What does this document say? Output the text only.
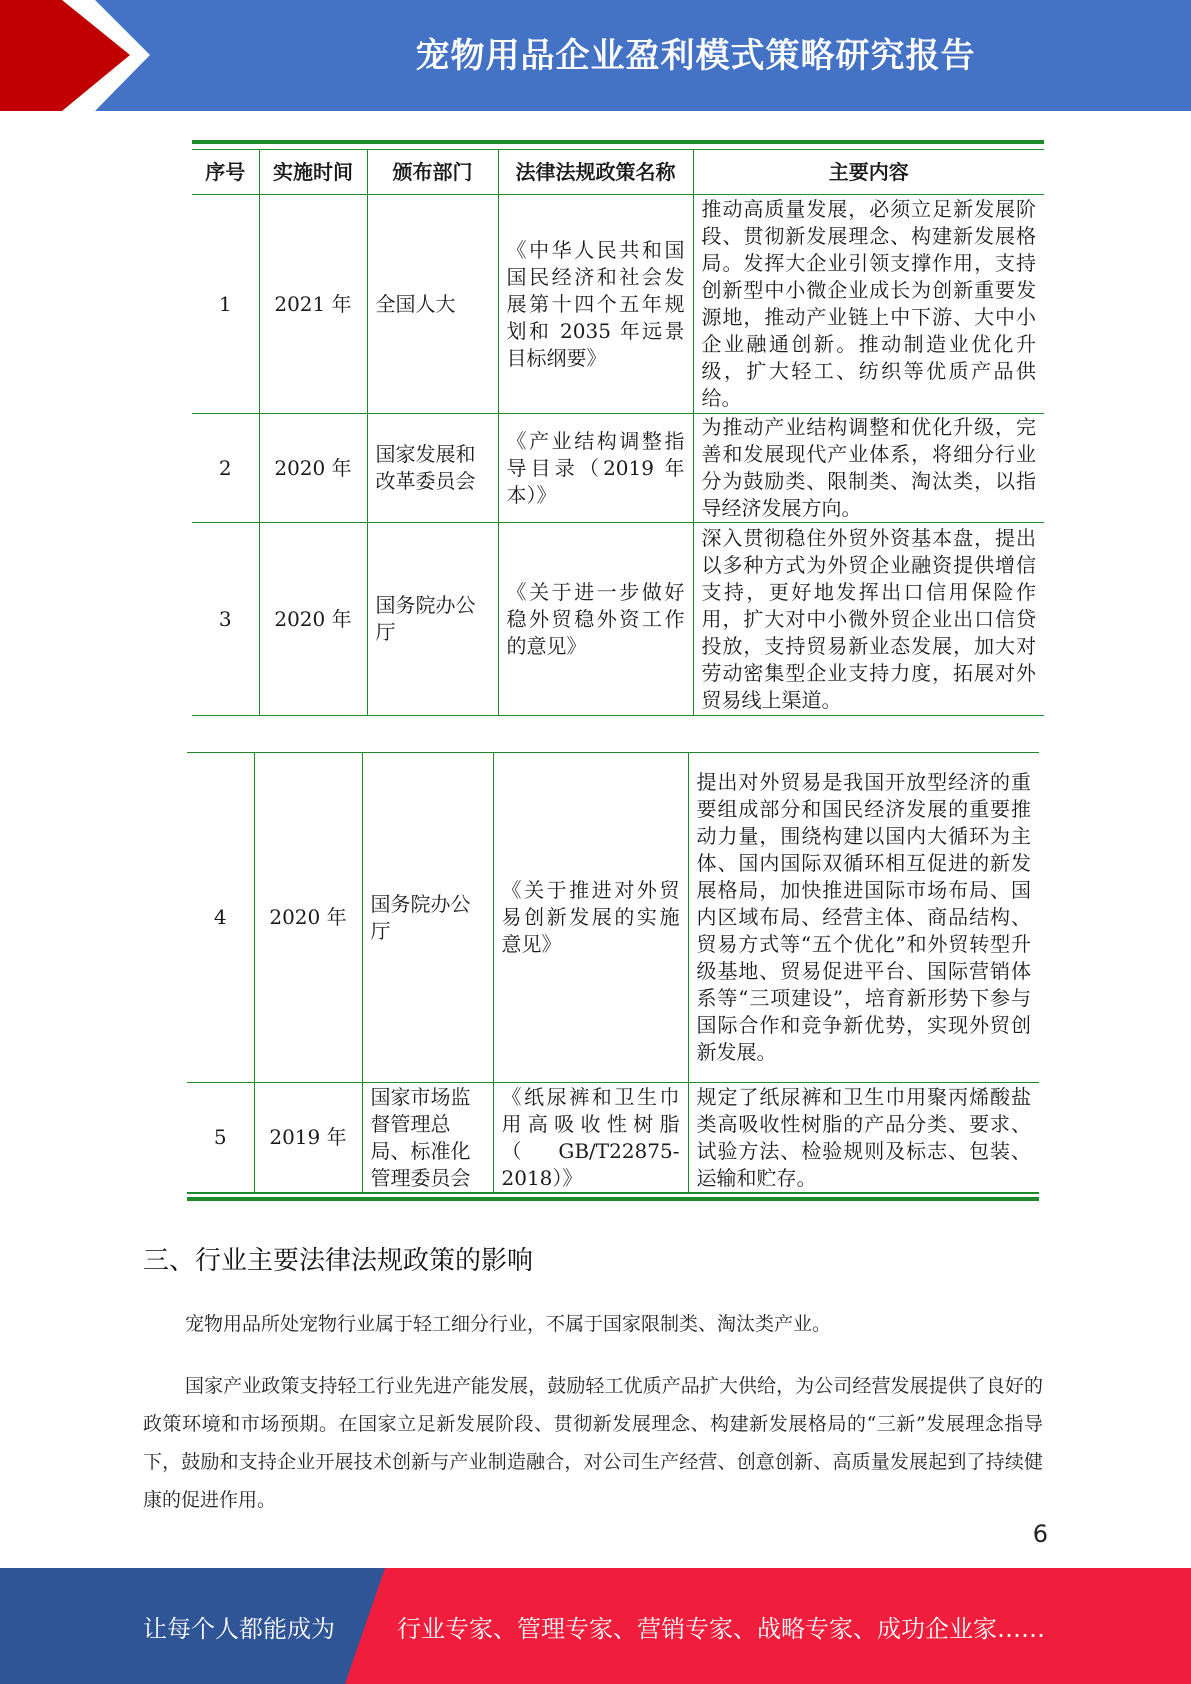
宠物用品企业盈利模式策略研究报告
序号	实施时间	颁布部门	法律法规政策名称	主要内容
1	2021 年	全国人大	《中华人民共和国国民经济和社会发展第十四个五年规划和 2035 年远景目标纲要》	推动高质量发展，必须立足新发展阶段、贯彻新发展理念、构建新发展格局。发挥大企业引领支撑作用，支持创新型中小微企业成长为创新重要发源地，推动产业链上中下游、大中小企业融通创新。推动制造业优化升级，扩大轻工、纺织等优质产品供给。
2	2020 年	国家发展和改革委员会	《产业结构调整指导目录（2019 年本）》	为推动产业结构调整和优化升级，完善和发展现代产业体系，将细分行业分为鼓励类、限制类、淘汰类，以指导经济发展方向。
3	2020 年	国务院办公厅	《关于进一步做好稳外贸稳外资工作的意见》	深入贯彻稳住外贸外资基本盘，提出以多种方式为外贸企业融资提供增信支持，更好地发挥出口信用保险作用，扩大对中小微外贸企业出口信贷投放，支持贸易新业态发展，加大对劳动密集型企业支持力度，拓展对外贸易线上渠道。
4	2020 年	国务院办公厅	《关于推进对外贸易创新发展的实施意见》	提出对外贸易是我国开放型经济的重要组成部分和国民经济发展的重要推动力量，围绕构建以国内大循环为主体、国内国际双循环相互促进的新发展格局，加快推进国际市场布局、国内区域布局、经营主体、商品结构、贸易方式等“五个优化”和外贸转型升级基地、贸易促进平台、国际营销体系等“三项建设”，培育新形势下参与国际合作和竞争新优势，实现外贸创新发展。
5	2019 年	国家市场监督管理总局、标准化管理委员会	《纸尿裤和卫生巾用高吸收性树脂（GB/T22875-2018）》	规定了纸尿裤和卫生巾用聚丙烯酸盐类高吸收性树脂的产品分类、要求、试验方法、检验规则及标志、包装、运输和贮存。
三、行业主要法律法规政策的影响

宠物用品所处宠物行业属于轻工细分行业，不属于国家限制类、淘汰类产业。

国家产业政策支持轻工行业先进产能发展，鼓励轻工优质产品扩大供给，为公司经营发展提供了良好的政策环境和市场预期。在国家立足新发展阶段、贯彻新发展理念、构建新发展格局的“三新”发展理念指导下，鼓励和支持企业开展技术创新与产业制造融合，对公司生产经营、创意创新、高质量发展起到了持续健康的促进作用。

6
让每个人都能成为	行业专家、管理专家、营销专家、战略专家、成功企业家……
